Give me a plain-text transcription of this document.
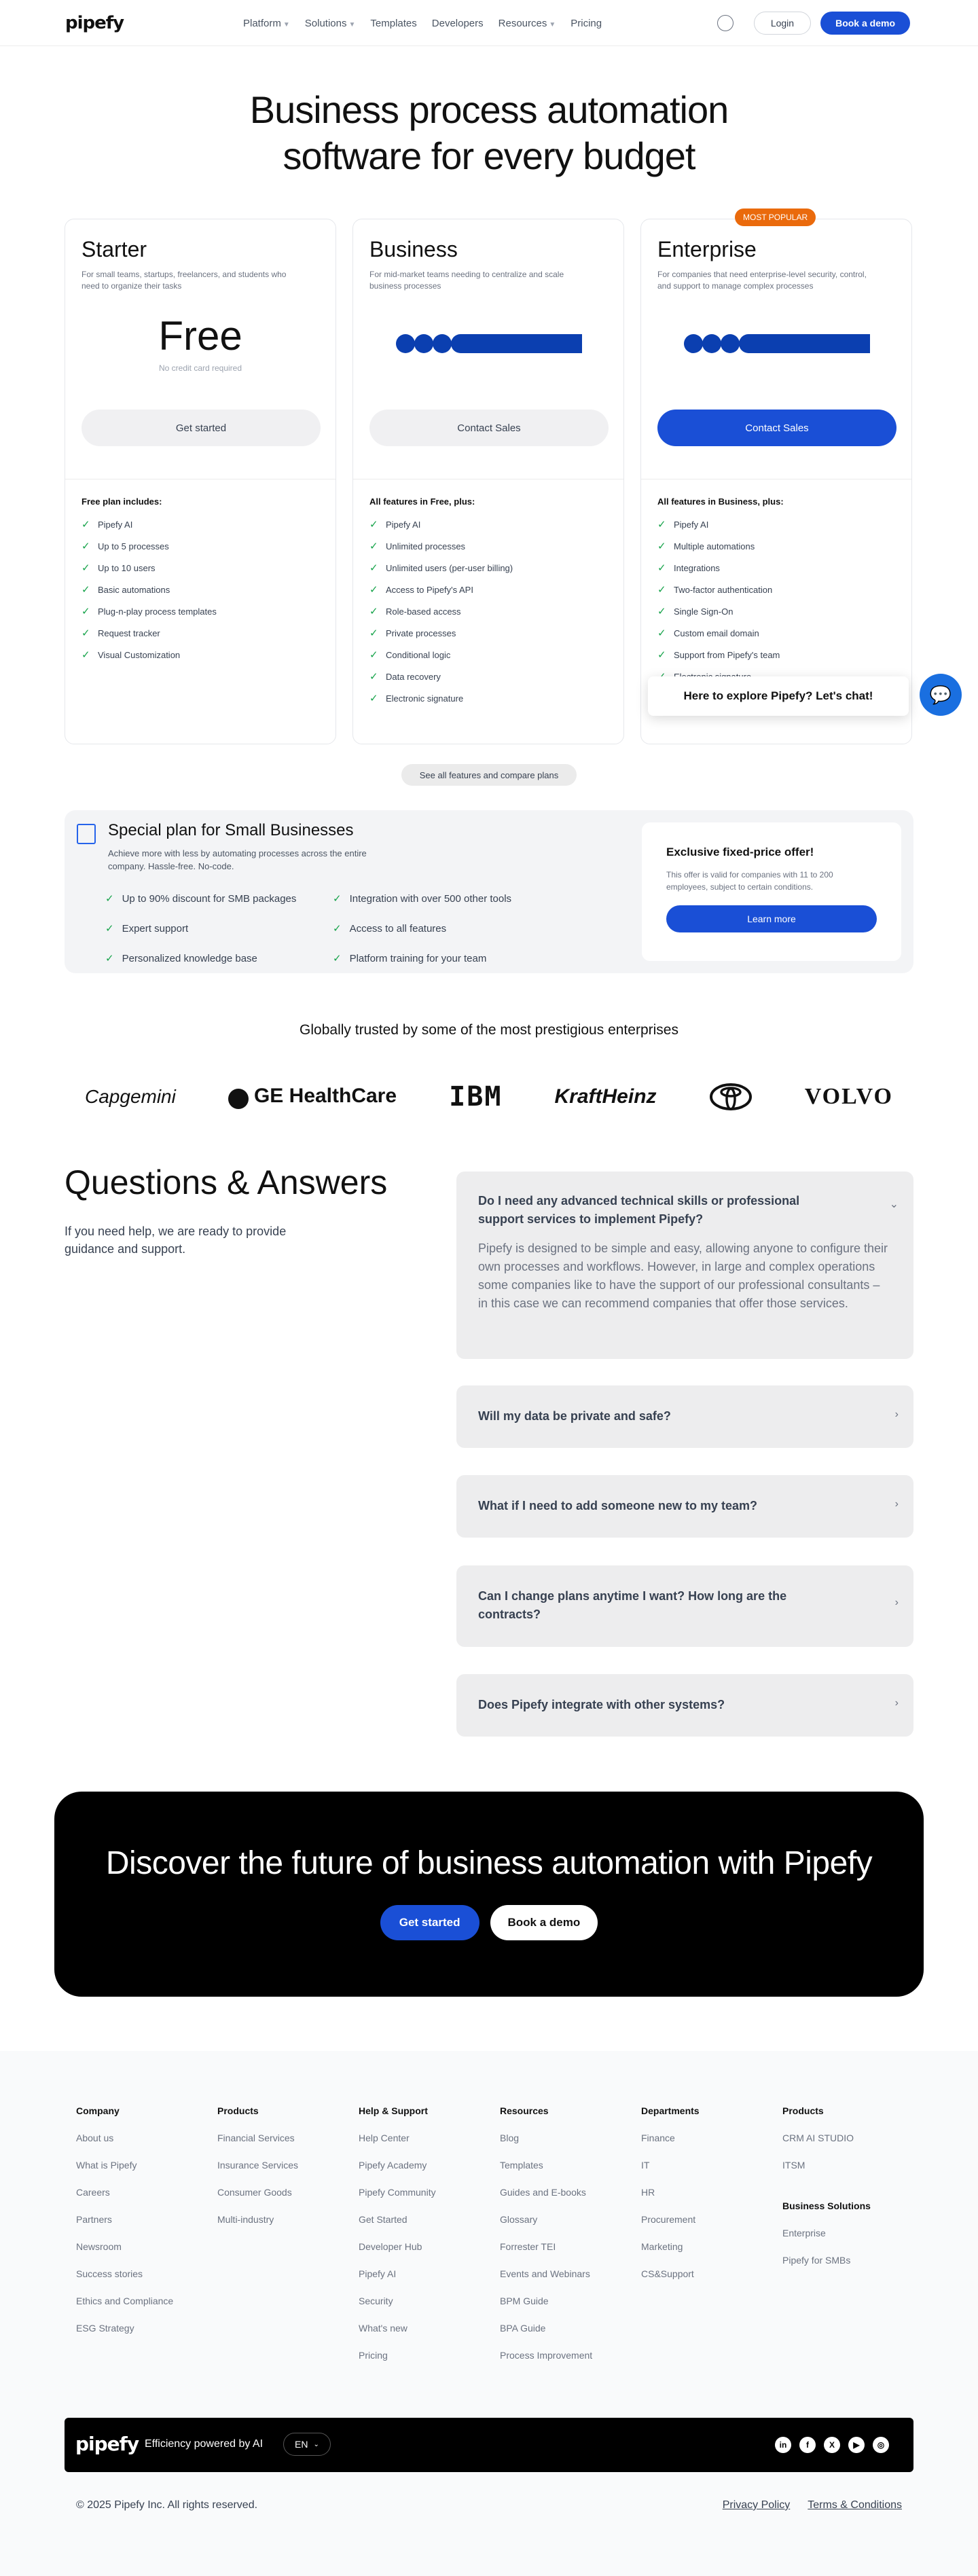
pipefy	Platform ▼ Solutions ▼ Templates Developers Resources ▼ Pricing	Login	Book a demo
Business process automation
software for every budget
Starter
For small teams, startups, freelancers, and students who need to organize their tasks
Free
No credit card required
Get started
Free plan includes:
✓ Pipefy AI
✓ Up to 5 processes
✓ Up to 10 users
✓ Basic automations
✓ Plug-n-play process templates
✓ Request tracker
✓ Visual Customization
Business
For mid-market teams needing to centralize and scale business processes
Contact Sales
All features in Free, plus:
✓ Pipefy AI
✓ Unlimited processes
✓ Unlimited users (per-user billing)
✓ Access to Pipefy's API
✓ Role-based access
✓ Private processes
✓ Conditional logic
✓ Data recovery
✓ Electronic signature
MOST POPULAR
Enterprise
For companies that need enterprise-level security, control, and support to manage complex processes
Contact Sales
All features in Business, plus:
✓ Pipefy AI
✓ Multiple automations
✓ Integrations
✓ Two-factor authentication
✓ Single Sign-On
✓ Custom email domain
✓ Support from Pipefy's team
Here to explore Pipefy? Let's chat!	💬
See all features and compare plans
Special plan for Small Businesses
Achieve more with less by automating processes across the entire company. Hassle-free. No-code.
✓ Up to 90% discount for SMB packages
✓ Expert support
✓ Personalized knowledge base
✓ Integration with over 500 other tools
✓ Access to all features
✓ Platform training for your team
Exclusive fixed-price offer!

This offer is valid for companies with 11 to 200 employees, subject to certain conditions.

Learn more
Globally trusted by some of the most prestigious enterprises
Capgemini	GE HealthCare IBM	KraftHeinz	VOLVO
Questions & Answers
If you need help, we are ready to provide guidance and support.
Do I need any advanced technical skills or professional support services to implement Pipefy?
⌄
Pipefy is designed to be simple and easy, allowing anyone to configure their own processes and workflows. However, in large and complex operations some companies like to have the support of our professional consultants – in this case we can recommend companies that offer those services.
Will my data be private and safe?	›
What if I need to add someone new to my team?	›
Can I change plans anytime I want? How long are the contracts?
›
Does Pipefy integrate with other systems?	›
Discover the future of business automation with Pipefy
Get started	Book a demo
Company
About us
What is Pipefy
Careers
Partners
Newsroom
Success stories
Ethics and Compliance
ESG Strategy
Products
Financial Services
Insurance Services
Consumer Goods
Multi-industry
Help & Support
Help Center
Pipefy Academy
Pipefy Community
Get Started
Developer Hub
Pipefy AI
Security
What's new
Pricing
Resources
Blog
Templates
Guides and E-books
Glossary
Forrester TEI
Events and Webinars
BPM Guide
BPA Guide
Process Improvement
Departments
Finance
IT
HR
Procurement
Marketing
CS&Support
Products
CRM AI STUDIO
ITSM
Business Solutions
Enterprise
Pipefy for SMBs
pipefy Efficiency powered by AI	EN ⌄	in	f	X	▶	◎
© 2025 Pipefy Inc. All rights reserved.	Privacy Policy Terms & Conditions
